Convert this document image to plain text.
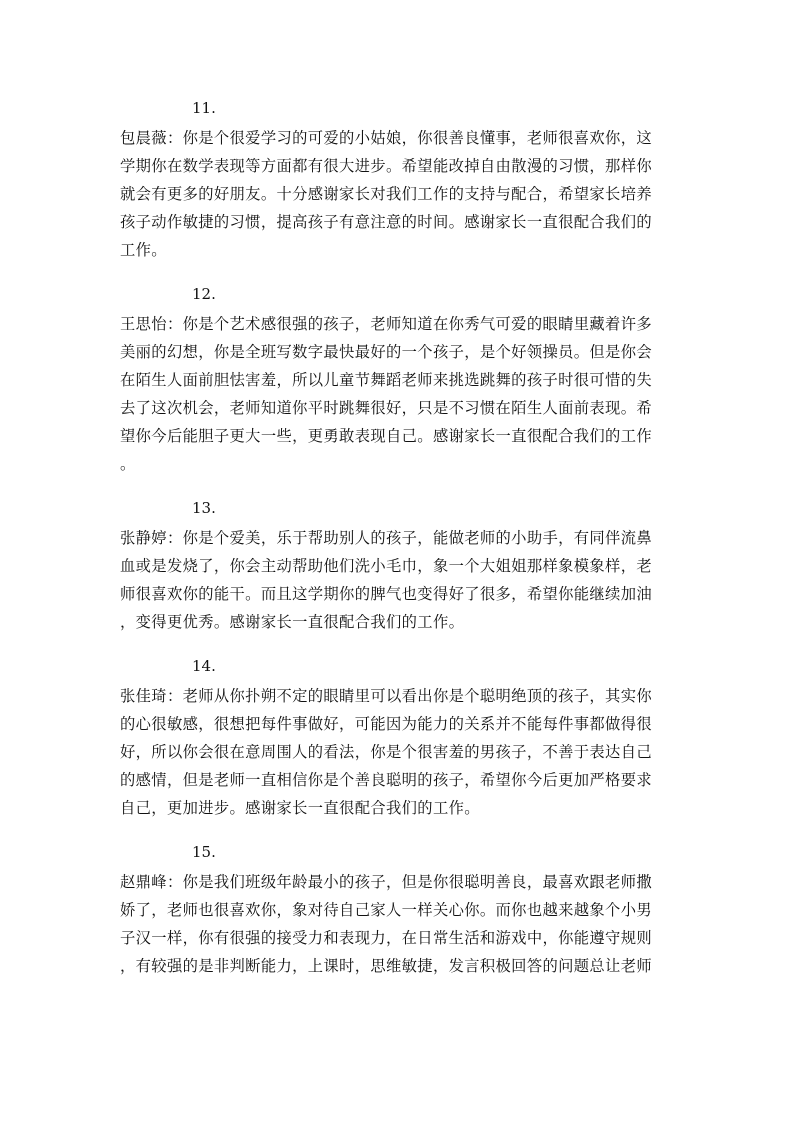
11.

包晨薇：你是个很爱学习的可爱的小姑娘，你很善良懂事，老师很喜欢你，这

学期你在数学表现等方面都有很大进步。希望能改掉自由散漫的习惯，那样你

就会有更多的好朋友。十分感谢家长对我们工作的支持与配合，希望家长培养

孩子动作敏捷的习惯，提高孩子有意注意的时间。感谢家长一直很配合我们的

工作。

12.

王思怡：你是个艺术感很强的孩子，老师知道在你秀气可爱的眼睛里藏着许多

美丽的幻想，你是全班写数字最快最好的一个孩子，是个好领操员。但是你会

在陌生人面前胆怯害羞，所以儿童节舞蹈老师来挑选跳舞的孩子时很可惜的失

去了这次机会，老师知道你平时跳舞很好，只是不习惯在陌生人面前表现。希

望你今后能胆子更大一些，更勇敢表现自己。感谢家长一直很配合我们的工作

。

13.

张静婷：你是个爱美，乐于帮助别人的孩子，能做老师的小助手，有同伴流鼻

血或是发烧了，你会主动帮助他们洗小毛巾，象一个大姐姐那样象模象样，老

师很喜欢你的能干。而且这学期你的脾气也变得好了很多，希望你能继续加油

，变得更优秀。感谢家长一直很配合我们的工作。

14.

张佳琦：老师从你扑朔不定的眼睛里可以看出你是个聪明绝顶的孩子，其实你

的心很敏感，很想把每件事做好，可能因为能力的关系并不能每件事都做得很

好，所以你会很在意周围人的看法，你是个很害羞的男孩子，不善于表达自己

的感情，但是老师一直相信你是个善良聪明的孩子，希望你今后更加严格要求

自己，更加进步。感谢家长一直很配合我们的工作。

15.

赵鼎峰：你是我们班级年龄最小的孩子，但是你很聪明善良，最喜欢跟老师撒

娇了，老师也很喜欢你，象对待自己家人一样关心你。而你也越来越象个小男

子汉一样，你有很强的接受力和表现力，在日常生活和游戏中，你能遵守规则

，有较强的是非判断能力，上课时，思维敏捷，发言积极回答的问题总让老师
